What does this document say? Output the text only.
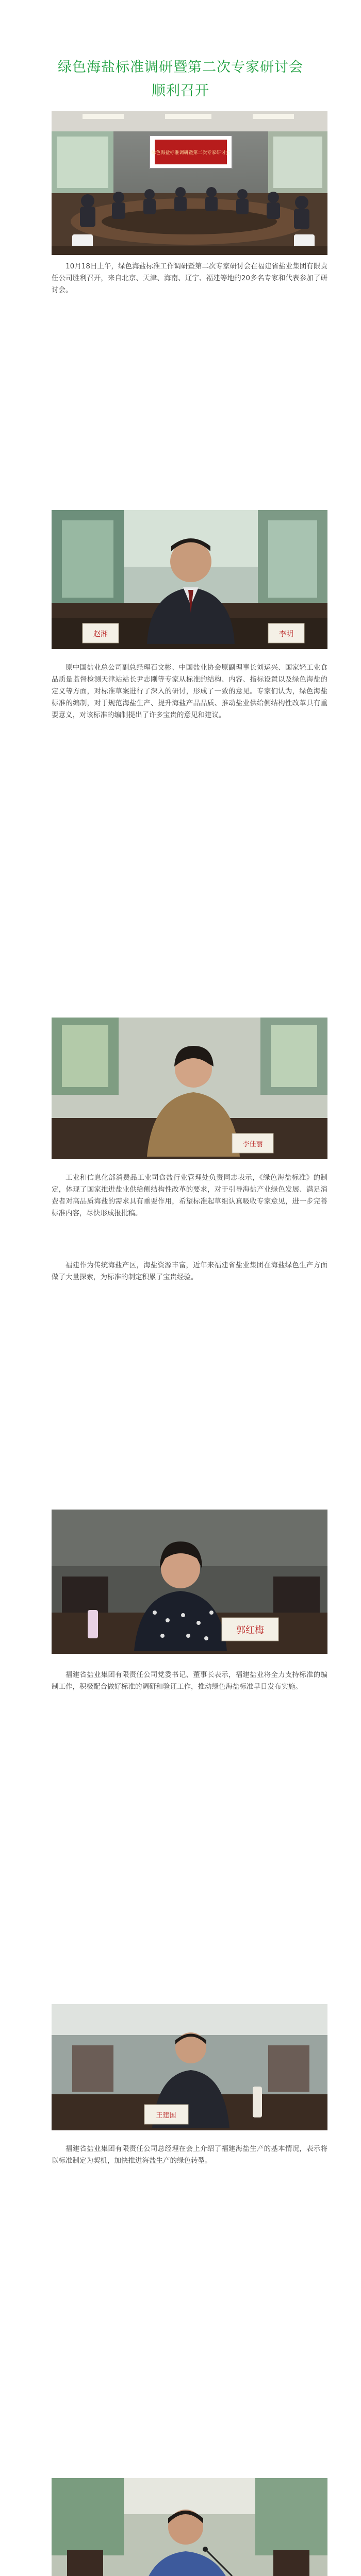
绿色海盐标准调研暨第二次专家研讨会
顺利召开
绿色海盐标准调研暨第二次专家研讨会

10月18日上午，绿色海盐标准工作调研暨第二次专家研讨会在福建省盐业集团有限责任公司胜利召开，来自北京、天津、海南、辽宁、福建等地的20多名专家和代表参加了研讨会。

赵湘	李明

原中国盐业总公司副总经理石文彬、中国盐业协会原副理事长刘运兴、国家轻工业食品质量监督检测天津站站长尹志刚等专家从标准的结构、内容、指标设置以及绿色海盐的定义等方面，对标准草案进行了深入的研讨，形成了一致的意见。专家们认为，绿色海盐标准的编制，对于规范海盐生产、提升海盐产品品质、推动盐业供给侧结构性改革具有重要意义，对该标准的编制提出了许多宝贵的意见和建议。

李佳丽

工业和信息化部消费品工业司食盐行业管理处负责同志表示，《绿色海盐标准》的制定，体现了国家推进盐业供给侧结构性改革的要求，对于引导海盐产业绿色发展、满足消费者对高品质海盐的需求具有重要作用，希望标准起草组认真吸收专家意见，进一步完善标准内容，尽快形成报批稿。

福建作为传统海盐产区，海盐资源丰富，近年来福建省盐业集团在海盐绿色生产方面做了大量探索，为标准的制定积累了宝贵经验。

郭红梅

福建省盐业集团有限责任公司党委书记、董事长表示，福建盐业将全力支持标准的编制工作，积极配合做好标准的调研和验证工作，推动绿色海盐标准早日发布实施。

王建国

福建省盐业集团有限责任公司总经理在会上介绍了福建海盐生产的基本情况，表示将以标准制定为契机，加快推进海盐生产的绿色转型。
